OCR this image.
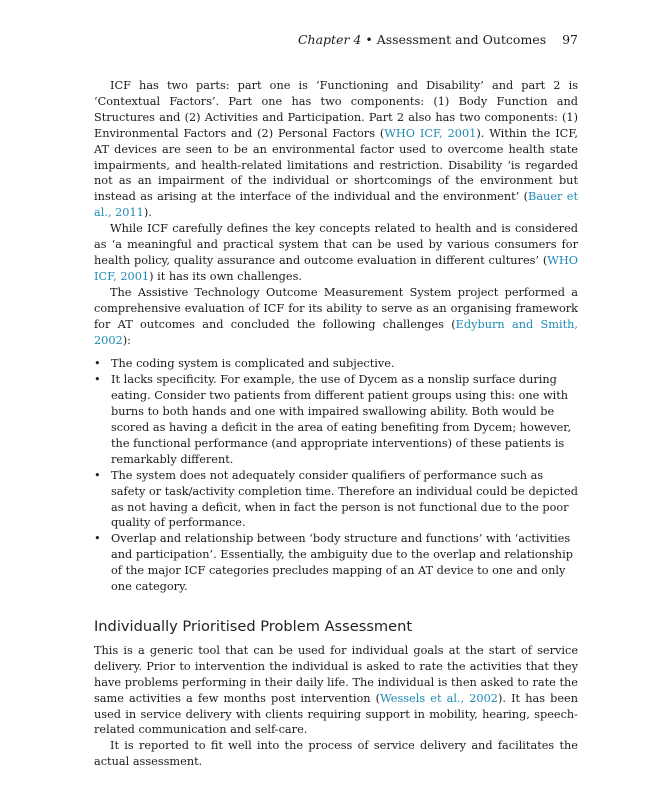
Chapter 4 • Assessment and Outcomes 97

ICF has two parts: part one is ‘Functioning and Disability’ and part 2 is ‘Contextual Factors’. Part one has two components: (1) Body Function and Structures and (2) Activities and Participation. Part 2 also has two components: (1) Environmental Factors and (2) Personal Factors (WHO ICF, 2001). Within the ICF, AT devices are seen to be an environmental factor used to overcome health state impairments, and health-related limitations and restriction. Disability ‘is regarded not as an impairment of the individual or shortcomings of the environment but instead as arising at the interface of the individual and the environment’ (Bauer et al., 2011).

While ICF carefully defines the key concepts related to health and is considered as ‘a meaningful and practical system that can be used by various consumers for health policy, quality assurance and outcome evaluation in different cultures’ (WHO ICF, 2001) it has its own challenges.

The Assistive Technology Outcome Measurement System project performed a comprehensive evaluation of ICF for its ability to serve as an organising framework for AT outcomes and concluded the following challenges (Edyburn and Smith, 2002):

• The coding system is complicated and subjective.
• It lacks specificity. For example, the use of Dycem as a nonslip surface during eating. Consider two patients from different patient groups using this: one with burns to both hands and one with impaired swallowing ability. Both would be scored as having a deficit in the area of eating benefiting from Dycem; however, the functional performance (and appropriate interventions) of these patients is remarkably different.
• The system does not adequately consider qualifiers of performance such as safety or task/activity completion time. Therefore an individual could be depicted as not having a deficit, when in fact the person is not functional due to the poor quality of performance.
• Overlap and relationship between ‘body structure and functions’ with ‘activities and participation’. Essentially, the ambiguity due to the overlap and relationship of the major ICF categories precludes mapping of an AT device to one and only one category.
Individually Prioritised Problem Assessment

This is a generic tool that can be used for individual goals at the start of service delivery. Prior to intervention the individual is asked to rate the activities that they have problems performing in their daily life. The individual is then asked to rate the same activities a few months post intervention (Wessels et al., 2002). It has been used in service delivery with clients requiring support in mobility, hearing, speech-related communication and self-care.

It is reported to fit well into the process of service delivery and facilitates the actual assessment.
